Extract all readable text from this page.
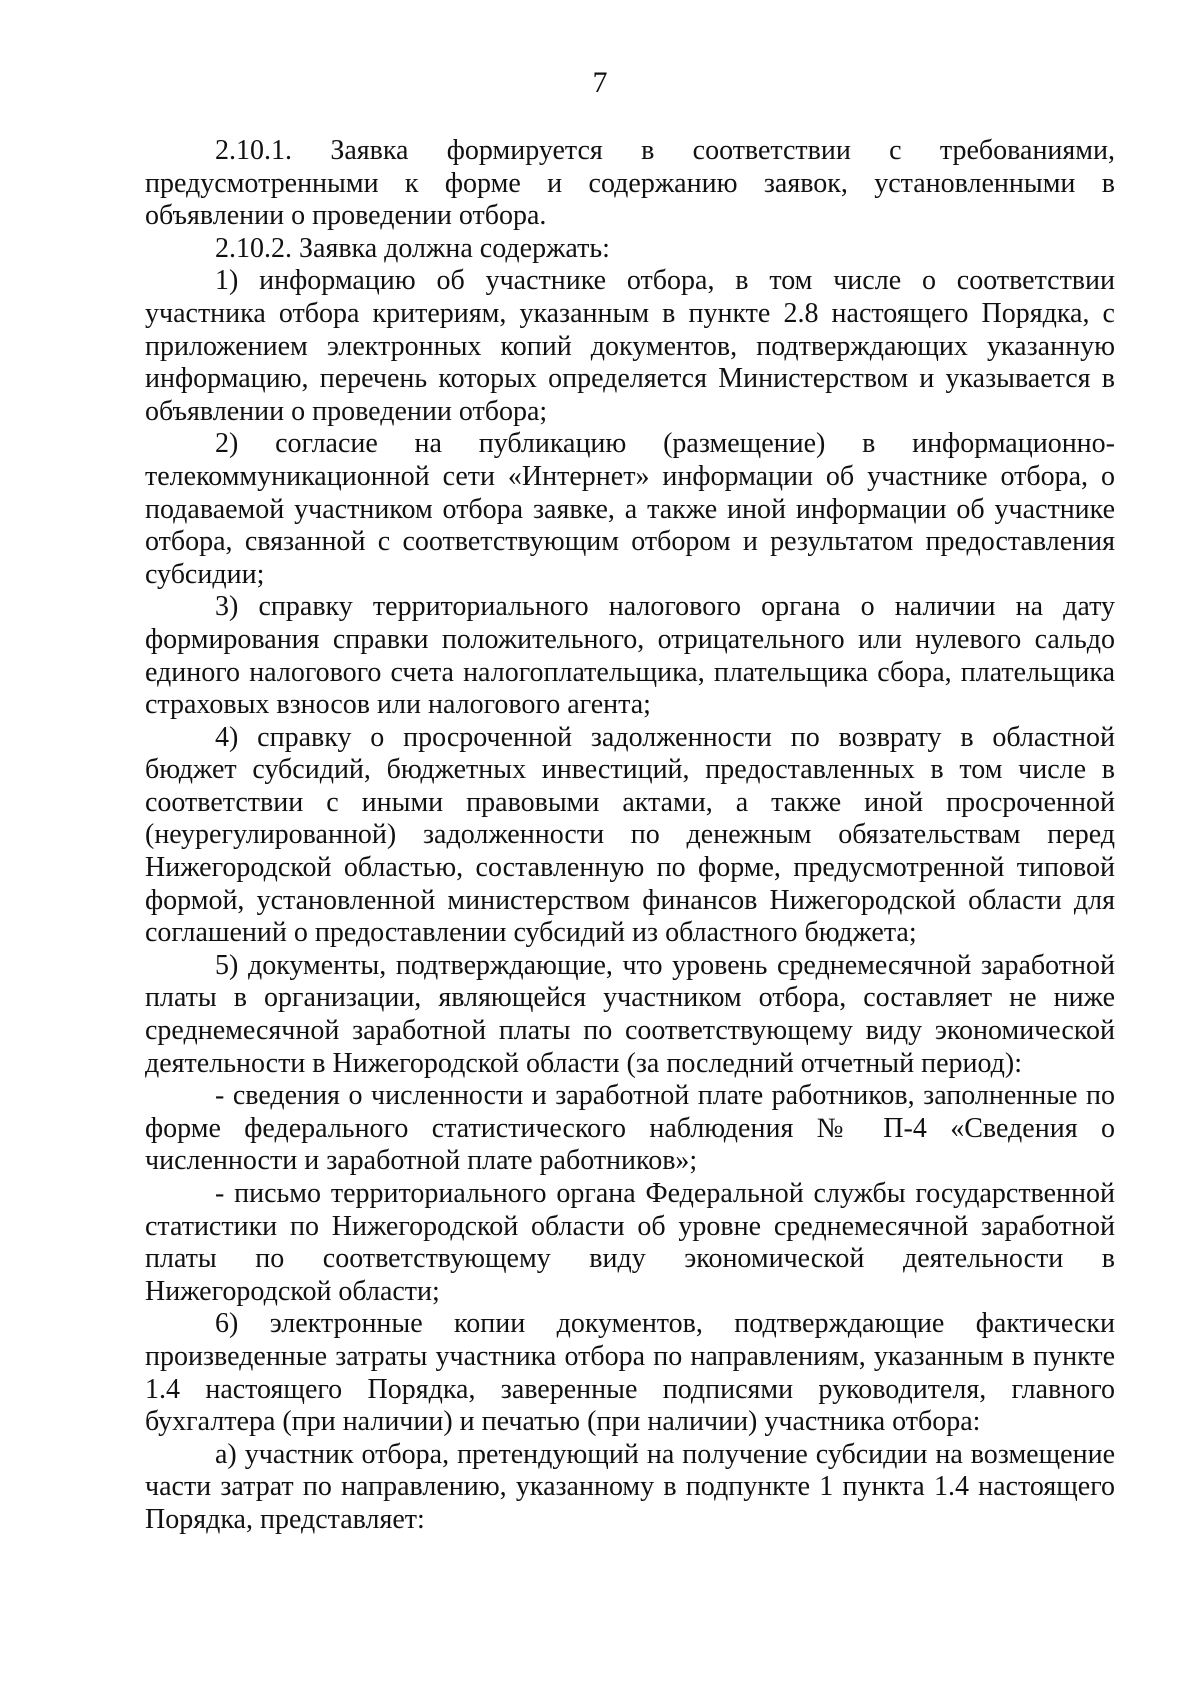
7

2.10.1. Заявка формируется в соответствии с требованиями, предусмотренными к форме и содержанию заявок, установленными в объявлении о проведении отбора.

2.10.2. Заявка должна содержать:

1) информацию об участнике отбора, в том числе о соответствии участника отбора критериям, указанным в пункте 2.8 настоящего Порядка, с приложением электронных копий документов, подтверждающих указанную информацию, перечень которых определяется Министерством и указывается в объявлении о проведении отбора;

2) согласие на публикацию (размещение) в информационно-телекоммуникационной сети «Интернет» информации об участнике отбора, о подаваемой участником отбора заявке, а также иной информации об участнике отбора, связанной с соответствующим отбором и результатом предоставления субсидии;

3) справку территориального налогового органа о наличии на дату формирования справки положительного, отрицательного или нулевого сальдо единого налогового счета налогоплательщика, плательщика сбора, плательщика страховых взносов или налогового агента;

4) справку о просроченной задолженности по возврату в областной бюджет субсидий, бюджетных инвестиций, предоставленных в том числе в соответствии с иными правовыми актами, а также иной просроченной (неурегулированной) задолженности по денежным обязательствам перед Нижегородской областью, составленную по форме, предусмотренной типовой формой, установленной министерством финансов Нижегородской области для соглашений о предоставлении субсидий из областного бюджета;

5) документы, подтверждающие, что уровень среднемесячной заработной платы в организации, являющейся участником отбора, составляет не ниже среднемесячной заработной платы по соответствующему виду экономической деятельности в Нижегородской области (за последний отчетный период):

- сведения о численности и заработной плате работников, заполненные по форме федерального статистического наблюдения № П-4 «Сведения о численности и заработной плате работников»;

- письмо территориального органа Федеральной службы государственной статистики по Нижегородской области об уровне среднемесячной заработной платы по соответствующему виду экономической деятельности в Нижегородской области;

6) электронные копии документов, подтверждающие фактически произведенные затраты участника отбора по направлениям, указанным в пункте 1.4 настоящего Порядка, заверенные подписями руководителя, главного бухгалтера (при наличии) и печатью (при наличии) участника отбора:

а) участник отбора, претендующий на получение субсидии на возмещение части затрат по направлению, указанному в подпункте 1 пункта 1.4 настоящего Порядка, представляет:
